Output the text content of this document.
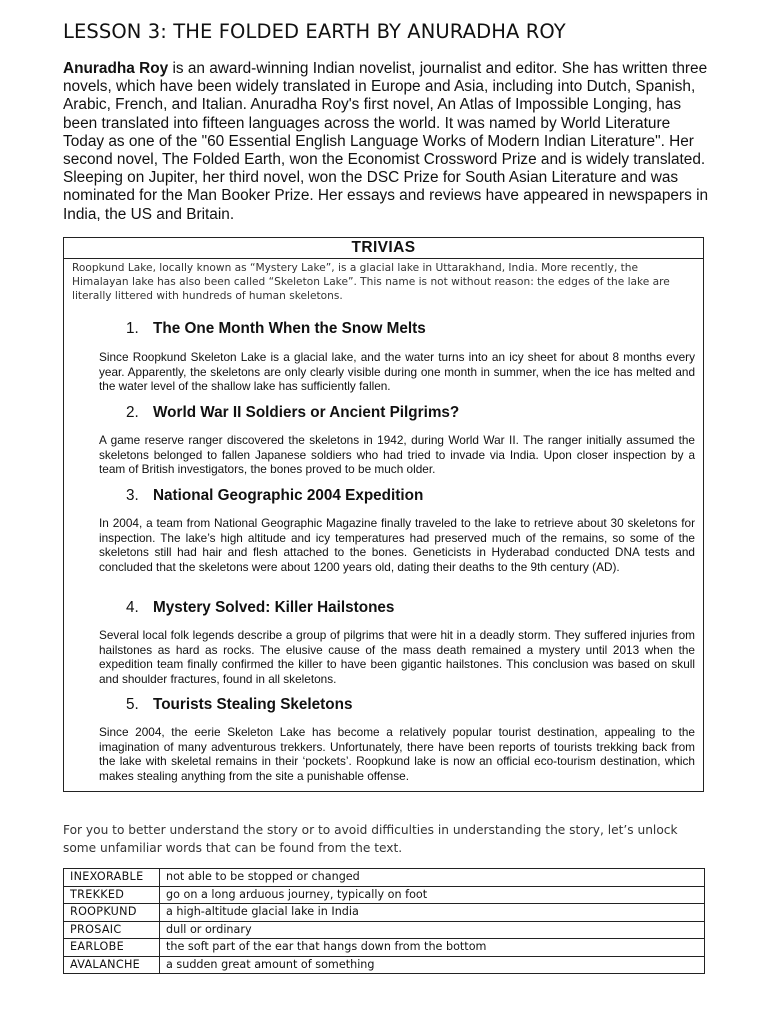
LESSON 3: THE FOLDED EARTH BY ANURADHA ROY
Anuradha Roy is an award-winning Indian novelist, journalist and editor. She has written three novels, which have been widely translated in Europe and Asia, including into Dutch, Spanish, Arabic, French, and Italian. Anuradha Roy's first novel, An Atlas of Impossible Longing, has been translated into fifteen languages across the world. It was named by World Literature Today as one of the "60 Essential English Language Works of Modern Indian Literature". Her second novel, The Folded Earth, won the Economist Crossword Prize and is widely translated. Sleeping on Jupiter, her third novel, won the DSC Prize for South Asian Literature and was nominated for the Man Booker Prize. Her essays and reviews have appeared in newspapers in India, the US and Britain.
TRIVIAS
Roopkund Lake, locally known as “Mystery Lake”, is a glacial lake in Uttarakhand, India. More recently, the Himalayan lake has also been called “Skeleton Lake”. This name is not without reason: the edges of the lake are literally littered with hundreds of human skeletons.
1. The One Month When the Snow Melts
Since Roopkund Skeleton Lake is a glacial lake, and the water turns into an icy sheet for about 8 months every year. Apparently, the skeletons are only clearly visible during one month in summer, when the ice has melted and the water level of the shallow lake has sufficiently fallen.
2. World War II Soldiers or Ancient Pilgrims?
A game reserve ranger discovered the skeletons in 1942, during World War II. The ranger initially assumed the skeletons belonged to fallen Japanese soldiers who had tried to invade via India. Upon closer inspection by a team of British investigators, the bones proved to be much older.
3. National Geographic 2004 Expedition
In 2004, a team from National Geographic Magazine finally traveled to the lake to retrieve about 30 skeletons for inspection. The lake’s high altitude and icy temperatures had preserved much of the remains, so some of the skeletons still had hair and flesh attached to the bones. Geneticists in Hyderabad conducted DNA tests and concluded that the skeletons were about 1200 years old, dating their deaths to the 9th century (AD).
4. Mystery Solved: Killer Hailstones
Several local folk legends describe a group of pilgrims that were hit in a deadly storm. They suffered injuries from hailstones as hard as rocks. The elusive cause of the mass death remained a mystery until 2013 when the expedition team finally confirmed the killer to have been gigantic hailstones. This conclusion was based on skull and shoulder fractures, found in all skeletons.
5. Tourists Stealing Skeletons
Since 2004, the eerie Skeleton Lake has become a relatively popular tourist destination, appealing to the imagination of many adventurous trekkers. Unfortunately, there have been reports of tourists trekking back from the lake with skeletal remains in their ‘pockets’. Roopkund lake is now an official eco-tourism destination, which makes stealing anything from the site a punishable offense.
For you to better understand the story or to avoid difficulties in understanding the story, let’s unlock some unfamiliar words that can be found from the text.
INEXORABLE	not able to be stopped or changed
TREKKED	go on a long arduous journey, typically on foot
ROOPKUND	a high-altitude glacial lake in India
PROSAIC	dull or ordinary
EARLOBE	the soft part of the ear that hangs down from the bottom
AVALANCHE	a sudden great amount of something
